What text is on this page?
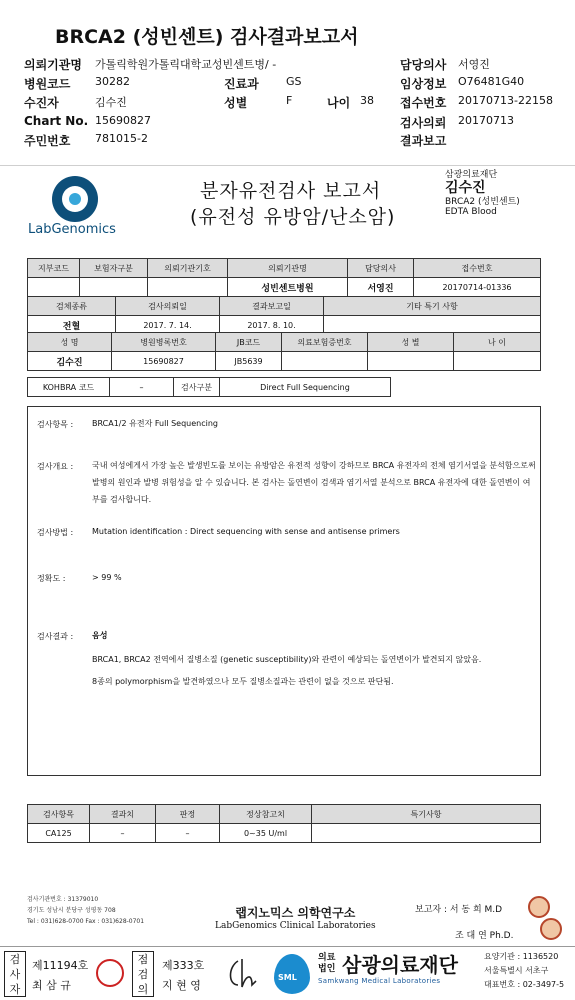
BRCA2 (성빈센트) 검사결과보고서
의뢰기관명 가톨릭학원가톨릭대학교성빈센트병/ -	담당의사 서영진
병원코드 30282	진료과 GS	임상정보 O76481G40
수진자	김수진	성별	F	나이 38 접수번호 20170713-22158
Chart No. 15690827	검사의뢰 20170713
주민번호 781015-2	결과보고
LabGenomics
분자유전검사 보고서
(유전성 유방암/난소암)
삼광의료재단
김수진
BRCA2 (성빈센트)
EDTA Blood
지부코드	보험자구분	의뢰기관기호	의뢰기관명	담당의사	접수번호
			성빈센트병원	서영진	20170714-01336
검체종류	검사의뢰일	결과보고일	기타 특기 사항
전혈	2017. 7. 14.	2017. 8. 10.	
성 명	병원병록번호	JB코드	의료보험증번호	성 별	나 이
김수진	15690827	JB5639			
KOHBRA 코드	–	검사구분	Direct Full Sequencing
검사항목 : BRCA1/2 유전자 Full Sequencing
검사개요 : 국내 여성에게서 가장 높은 발생빈도를 보이는 유방암은 유전적 성향이 강하므로 BRCA 유전자의 전체 염기서열을 분석함으로써 발병의 원인과 발병 위험성을 알 수 있습니다. 본 검사는 돌연변이 검색과 염기서열 분석으로 BRCA 유전자에 대한 돌연변이 여부를 검사합니다.
검사방법 : Mutation identification : Direct sequencing with sense and antisense primers
정확도 :	> 99 %
검사결과 : 음성
BRCA1, BRCA2 전역에서 질병소질 (genetic susceptibility)와 관련이 예상되는 돌연변이가 발견되지 않았음.
8종의 polymorphism을 발견하였으나 모두 질병소질과는 관련이 없을 것으로 판단됨.
검사항목	결과치	판정	정상참고치	특기사항
CA125	–	–	0~35 U/ml	
검사기관번호 : 31379010
경기도 성남시 분당구 성평동 708
Tel : 031)628-0700 Fax : 031)628-0701
랩지노믹스 의학연구소
LabGenomics Clinical Laboratories
보고자 : 서 동 희 M.D
조 대 연 Ph.D.
검
사
자
제11194호
최 삼 규
점
검
의
제333호
지 현 영
SML
의료
법인 삼광의료재단
Samkwang Medical Laboratories
요양기관 : 1136520
서울특별시 서초구
대표번호 : 02-3497-5
